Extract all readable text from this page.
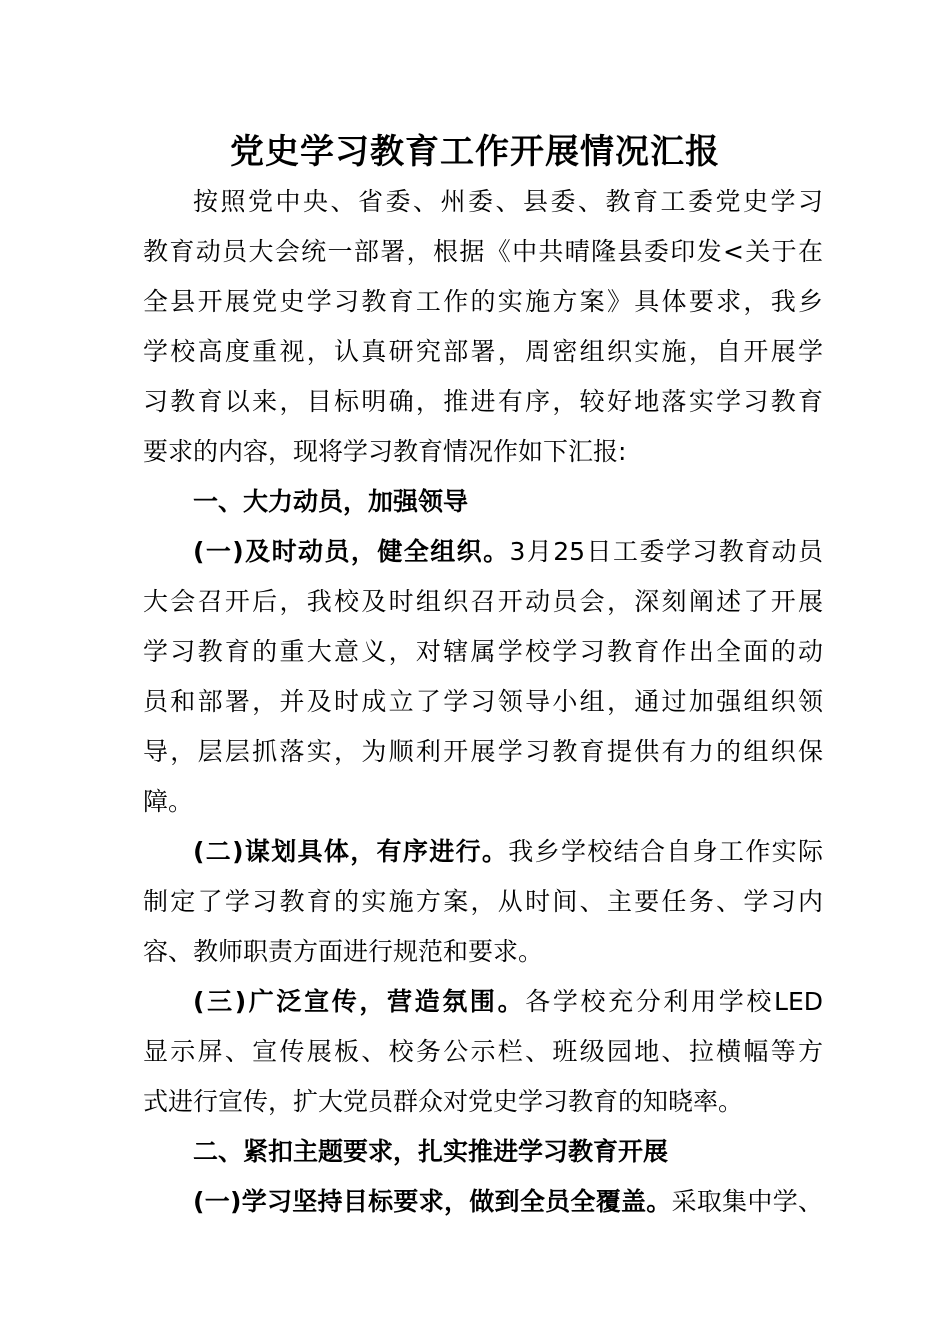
党史学习教育工作开展情况汇报

按照党中央、省委、州委、县委、教育工委党史学习

教育动员大会统一部署，根据《中共晴隆县委印发<关于在

全县开展党史学习教育工作的实施方案》具体要求，我乡

学校高度重视，认真研究部署，周密组织实施，自开展学

习教育以来，目标明确，推进有序，较好地落实学习教育

要求的内容，现将学习教育情况作如下汇报:

一、大力动员，加强领导

(一)及时动员，健全组织。3月25日工委学习教育动员

大会召开后，我校及时组织召开动员会，深刻阐述了开展

学习教育的重大意义，对辖属学校学习教育作出全面的动

员和部署，并及时成立了学习领导小组，通过加强组织领

导，层层抓落实，为顺利开展学习教育提供有力的组织保

障。

(二)谋划具体，有序进行。我乡学校结合自身工作实际

制定了学习教育的实施方案，从时间、主要任务、学习内

容、教师职责方面进行规范和要求。

(三)广泛宣传，营造氛围。各学校充分利用学校LED

显示屏、宣传展板、校务公示栏、班级园地、拉横幅等方

式进行宣传，扩大党员群众对党史学习教育的知晓率。

二、紧扣主题要求，扎实推进学习教育开展

(一)学习坚持目标要求，做到全员全覆盖。采取集中学、
